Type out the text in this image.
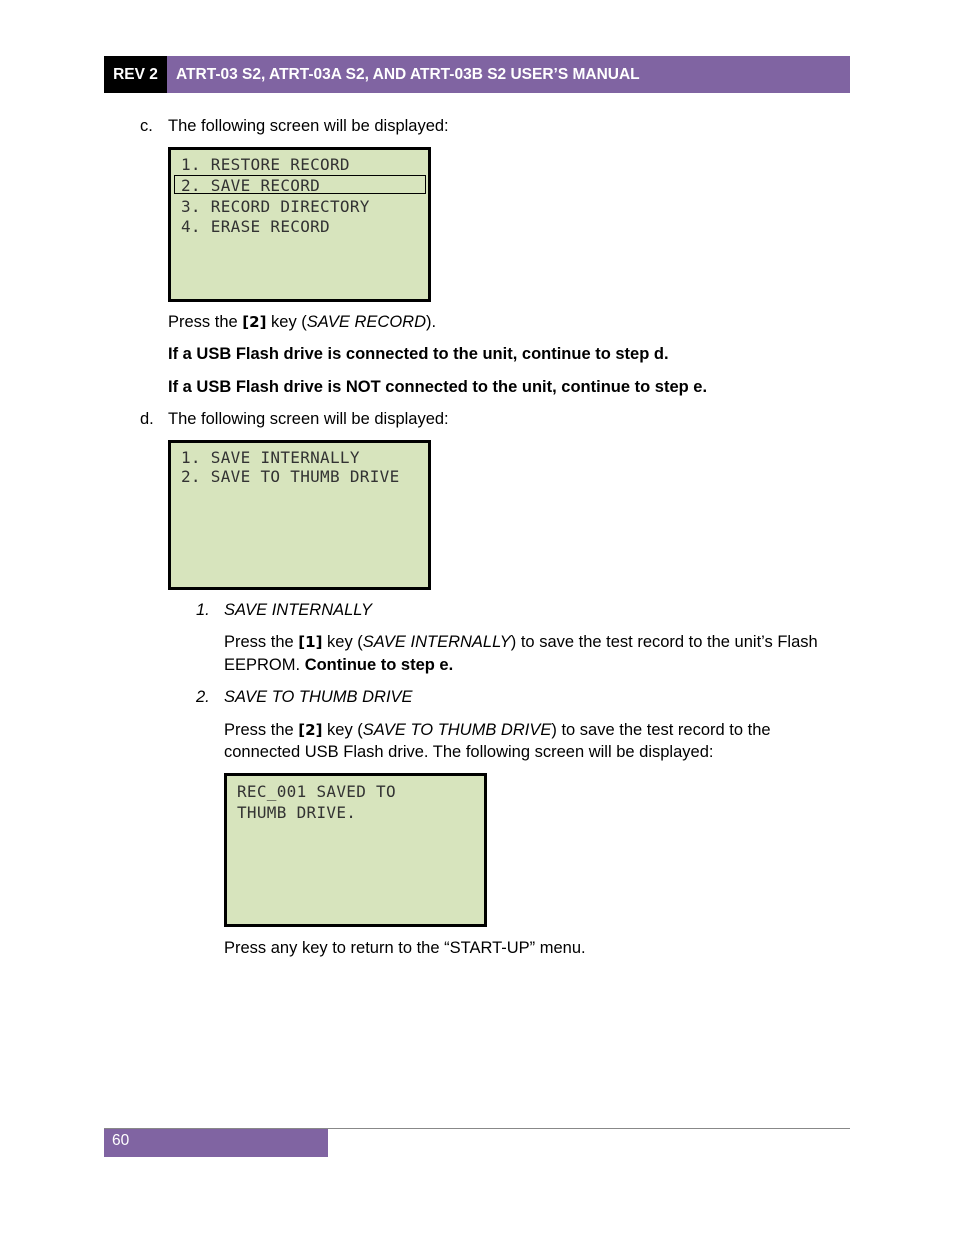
REV 2	ATRT-03 S2, ATRT-03A S2, AND ATRT-03B S2 USER’S MANUAL
c. The following screen will be displayed:
1. RESTORE RECORD
2. SAVE RECORD
3. RECORD DIRECTORY
4. ERASE RECORD
Press the [2] key (SAVE RECORD).
If a USB Flash drive is connected to the unit, continue to step d.
If a USB Flash drive is NOT connected to the unit, continue to step e.
d. The following screen will be displayed:
1. SAVE INTERNALLY
2. SAVE TO THUMB DRIVE
1. SAVE INTERNALLY
Press the [1] key (SAVE INTERNALLY) to save the test record to the unit’s Flash
EEPROM. Continue to step e.
2. SAVE TO THUMB DRIVE
Press the [2] key (SAVE TO THUMB DRIVE) to save the test record to the
connected USB Flash drive. The following screen will be displayed:
REC_001 SAVED TO
THUMB DRIVE.
Press any key to return to the “START-UP” menu.
60
